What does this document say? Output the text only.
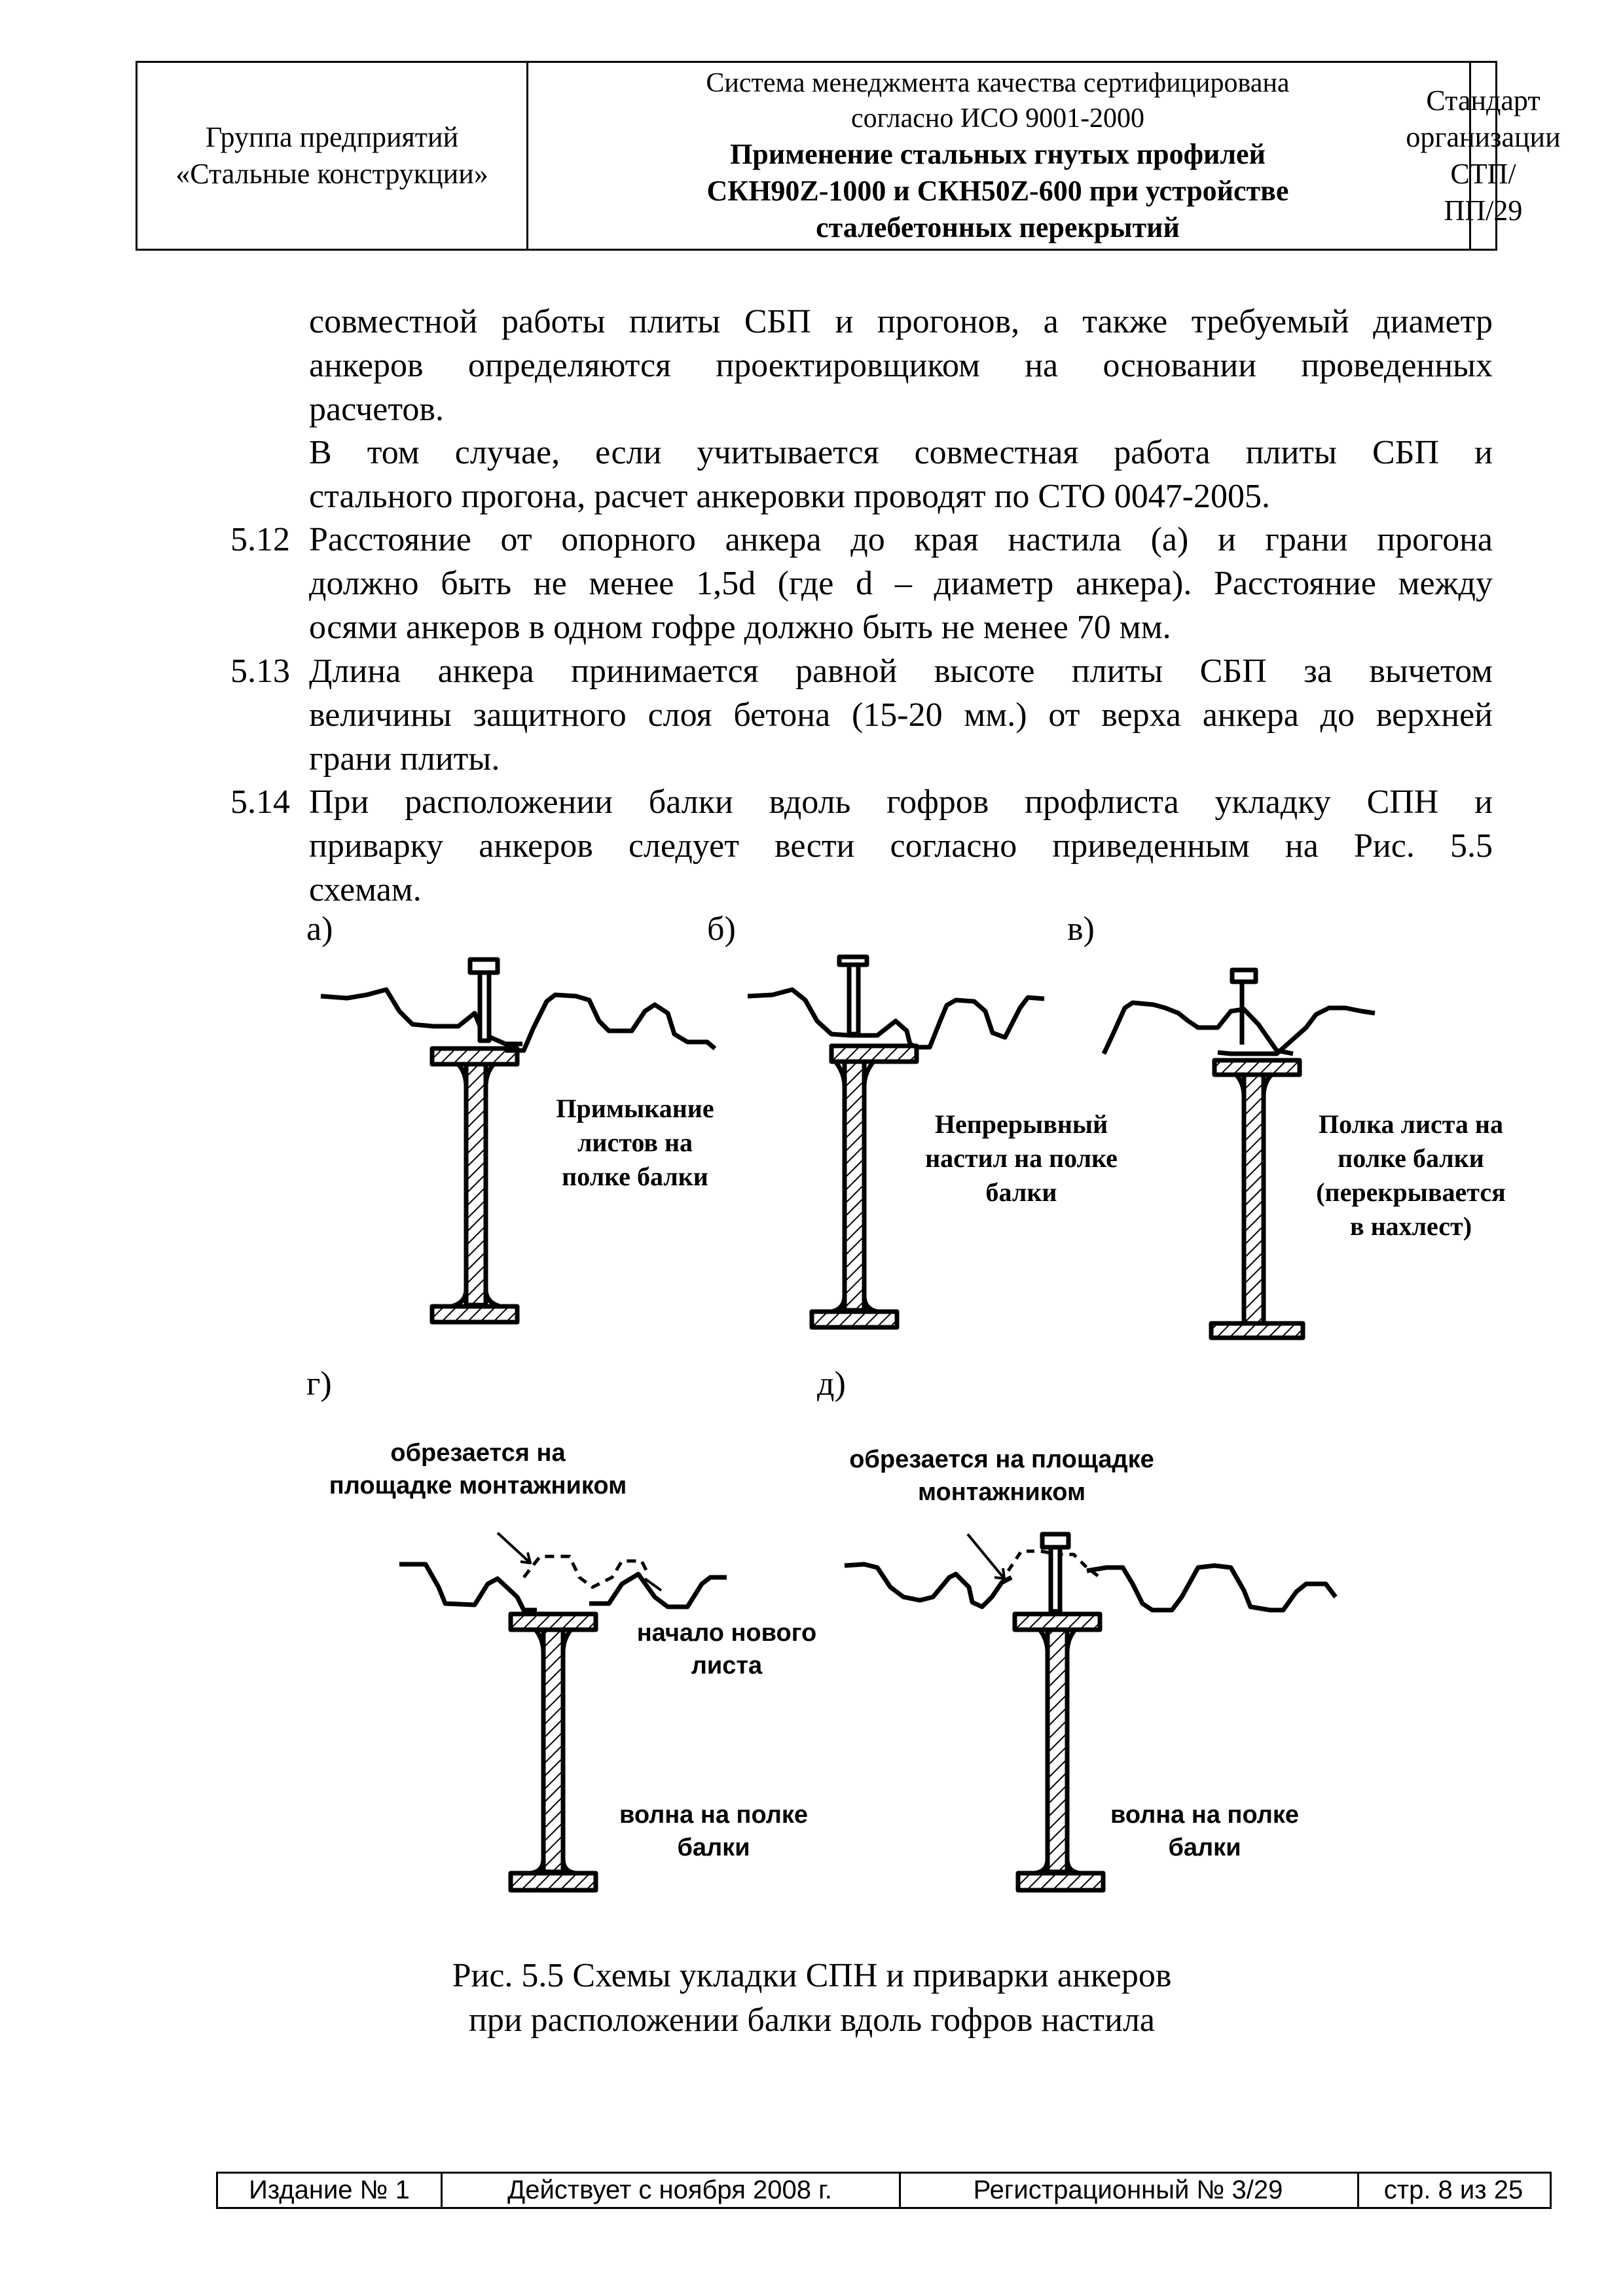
Группа предприятий
«Стальные конструкции»
Система менеджмента качества сертифицирована
согласно ИСО 9001-2000
Применение стальных гнутых профилей
СКН90Z-1000 и СКН50Z-600 при устройстве
сталебетонных перекрытий
Стандарт
организации
СТП/ПП/29
совместной работы плиты СБП и прогонов, а также требуемый диаметр
анкеров определяются проектировщиком на основании проведенных
расчетов.
В том случае, если учитывается совместная работа плиты СБП и
стального прогона, расчет анкеровки проводят по СТО 0047-2005.
5.12 Расстояние от опорного анкера до края настила (а) и грани прогона
должно быть не менее 1,5d (где d – диаметр анкера). Расстояние между
осями анкеров в одном гофре должно быть не менее 70 мм.
5.13 Длина анкера принимается равной высоте плиты СБП за вычетом
величины защитного слоя бетона (15-20 мм.) от верха анкера до верхней
грани плиты.
5.14 При расположении балки вдоль гофров профлиста укладку СПН и
приварку анкеров следует вести согласно приведенным на Рис. 5.5
схемам.
а)	б)	в)
г)	д)
Примыкание
листов на
полке балки
Непрерывный
настил на полке
балки
Полка листа на
полке балки
(перекрывается
в нахлест)
обрезается на
площадке монтажником
начало нового
листа
волна на полке
балки
обрезается на площадке
монтажником
волна на полке
балки
Рис. 5.5 Схемы укладки СПН и приварки анкеров
при расположении балки вдоль гофров настила
Издание № 1	Действует с ноября 2008 г.	Регистрационный № 3/29	стр. 8 из 25
